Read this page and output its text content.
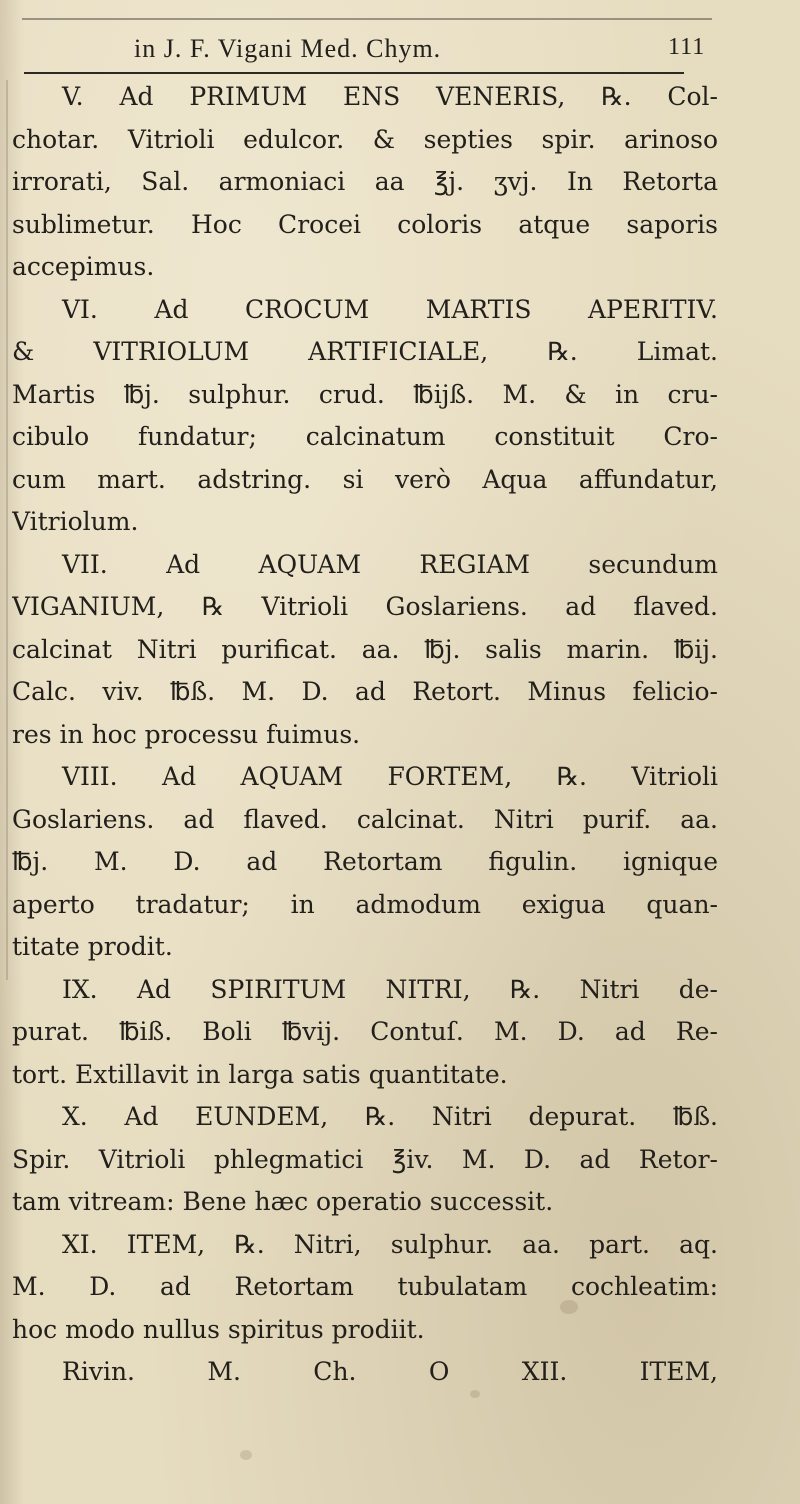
in J. F. Vigani Med. Chym.	111
V. Ad PRIMUM ENS VENERIS, ℞. Col-
chotar. Vitrioli edulcor. & septies spir. arinoso
irrorati, Sal. armoniaci aa ℥j. ʒvj. In Retorta
sublimetur. Hoc Crocei coloris atque saporis
accepimus.
VI. Ad CROCUM MARTIS APERITIV.
& VITRIOLUM ARTIFICIALE, ℞. Limat.
Martis ℔j. sulphur. crud. ℔ijß. M. & in cru-
cibulo fundatur; calcinatum constituit Cro-
cum mart. adstring. si verò Aqua affundatur,
Vitriolum.
VII. Ad AQUAM REGIAM secundum
VIGANIUM, ℞ Vitrioli Goslariens. ad flaved.
calcinat Nitri purificat. aa. ℔j. salis marin. ℔ij.
Calc. viv. ℔ß. M. D. ad Retort. Minus felicio-
res in hoc processu fuimus.
VIII. Ad AQUAM FORTEM, ℞. Vitrioli
Goslariens. ad flaved. calcinat. Nitri purif. aa.
℔j. M. D. ad Retortam figulin. ignique
aperto tradatur; in admodum exigua quan-
titate prodit.
IX. Ad SPIRITUM NITRI, ℞. Nitri de-
purat. ℔iß. Boli ℔vij. Contuſ. M. D. ad Re-
tort. Extillavit in larga satis quantitate.
X. Ad EUNDEM, ℞. Nitri depurat. ℔ß.
Spir. Vitrioli phlegmatici ℥iv. M. D. ad Retor-
tam vitream: Bene hæc operatio successit.
XI. ITEM, ℞. Nitri, sulphur. aa. part. aq.
M. D. ad Retortam tubulatam cochleatim:
hoc modo nullus spiritus prodiit.
Rivin. M. Ch. O XII. ITEM,
